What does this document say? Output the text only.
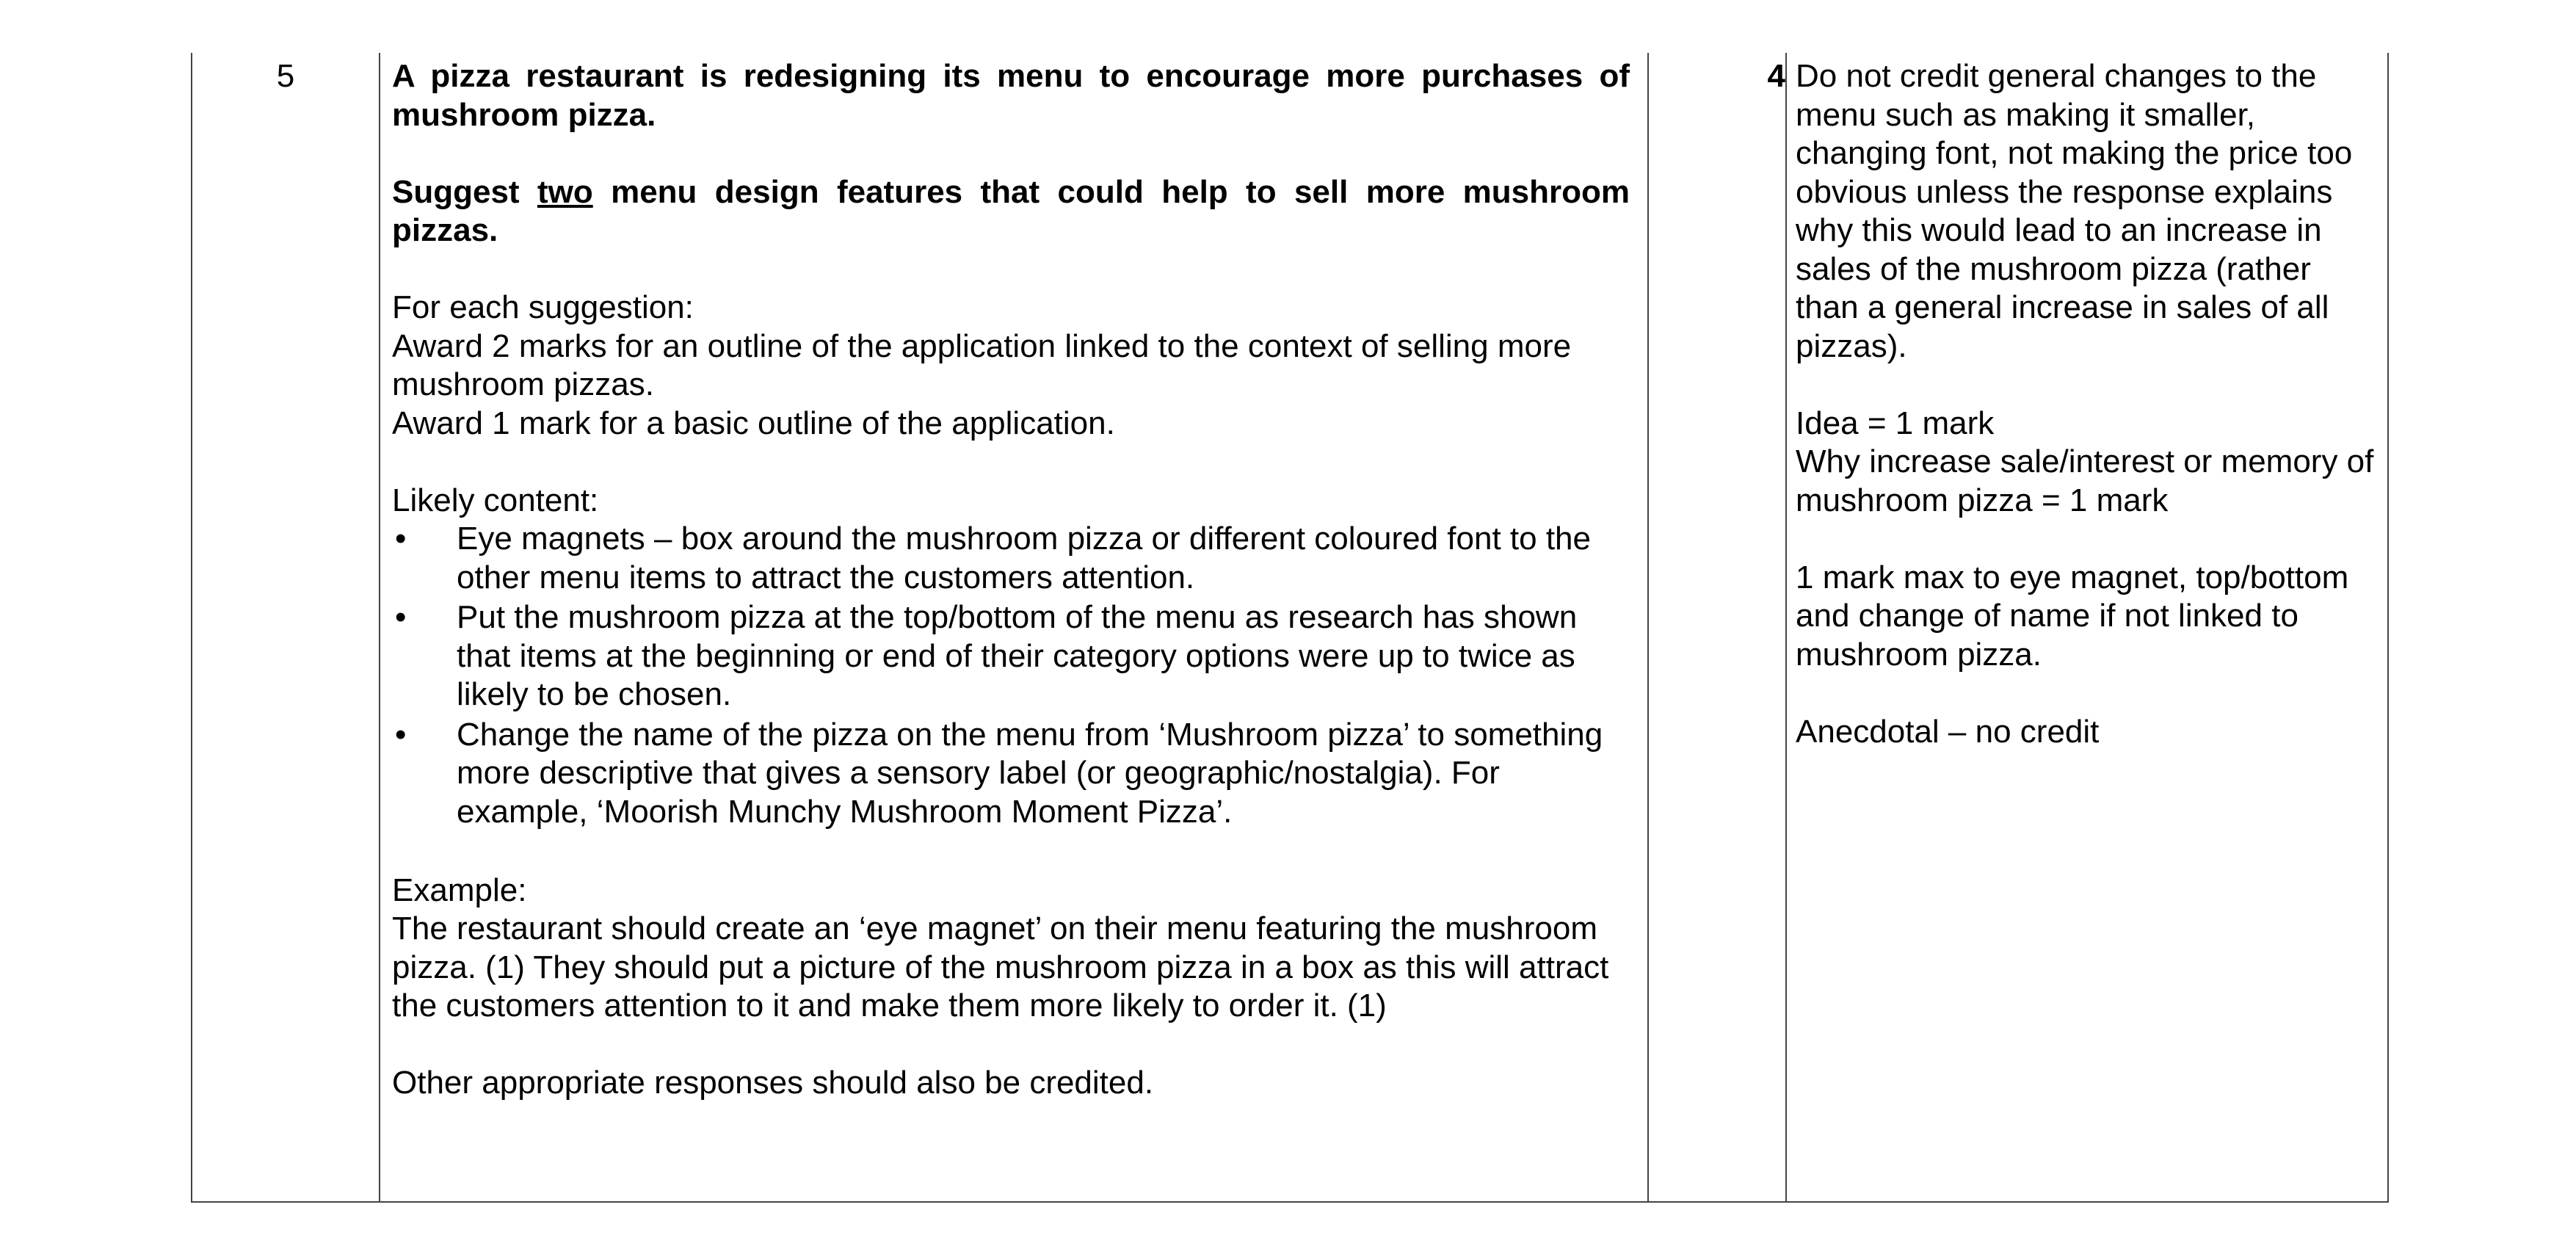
5	A pizza restaurant is redesigning its menu to encourage more purchases of mushroom pizza.

Suggest two menu design features that could help to sell more mushroom pizzas.

For each suggestion:

Award 2 marks for an outline of the application linked to the context of selling more mushroom pizzas.

Award 1 mark for a basic outline of the application.

Likely content:

• Eye magnets – box around the mushroom pizza or different coloured font to the other menu items to attract the customers attention.
• Put the mushroom pizza at the top/bottom of the menu as research has shown that items at the beginning or end of their category options were up to twice as likely to be chosen.
• Change the name of the pizza on the menu from ‘Mushroom pizza’ to something more descriptive that gives a sensory label (or geographic/nostalgia). For example, ‘Moorish Munchy Mushroom Moment Pizza’.

Example:

The restaurant should create an ‘eye magnet’ on their menu featuring the mushroom pizza. (1) They should put a picture of the mushroom pizza in a box as this will attract the customers attention to it and make them more likely to order it. (1)

Other appropriate responses should also be credited.

4 Do not credit general changes to the menu such as making it smaller, changing font, not making the price too obvious unless the response explains why this would lead to an increase in sales of the mushroom pizza (rather than a general increase in sales of all pizzas).

Idea = 1 mark

Why increase sale/interest or memory of mushroom pizza = 1 mark

1 mark max to eye magnet, top/bottom and change of name if not linked to mushroom pizza.

Anecdotal – no credit
